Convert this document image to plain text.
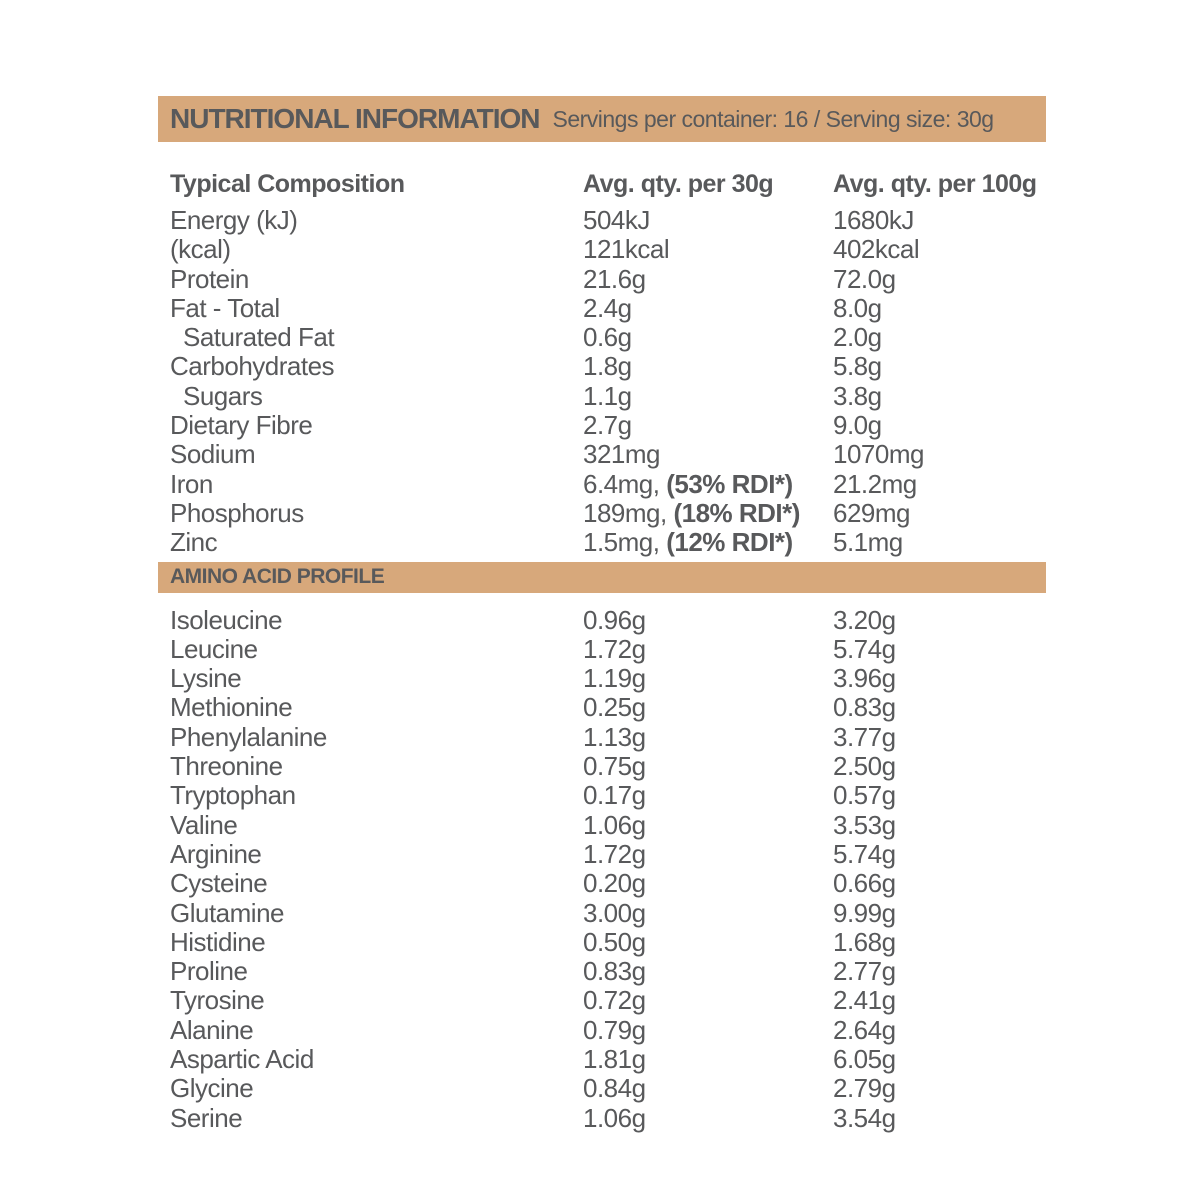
NUTRITIONAL INFORMATION Servings per container: 16 / Serving size: 30g
Typical Composition	Avg. qty. per 30g Avg. qty. per 100g
Energy (kJ)	504kJ	1680kJ
(kcal)	121kcal	402kcal
Protein	21.6g	72.0g
Fat - Total	2.4g	8.0g
Saturated Fat	0.6g	2.0g
Carbohydrates	1.8g	5.8g
Sugars	1.1g	3.8g
Dietary Fibre	2.7g	9.0g
Sodium	321mg	1070mg
Iron	6.4mg, (53% RDI*) 21.2mg
Phosphorus	189mg, (18% RDI*) 629mg
Zinc	1.5mg, (12% RDI*) 5.1mg
AMINO ACID PROFILE
Isoleucine	0.96g	3.20g
Leucine	1.72g	5.74g
Lysine	1.19g	3.96g
Methionine	0.25g	0.83g
Phenylalanine	1.13g	3.77g
Threonine	0.75g	2.50g
Tryptophan	0.17g	0.57g
Valine	1.06g	3.53g
Arginine	1.72g	5.74g
Cysteine	0.20g	0.66g
Glutamine	3.00g	9.99g
Histidine	0.50g	1.68g
Proline	0.83g	2.77g
Tyrosine	0.72g	2.41g
Alanine	0.79g	2.64g
Aspartic Acid	1.81g	6.05g
Glycine	0.84g	2.79g
Serine	1.06g	3.54g
